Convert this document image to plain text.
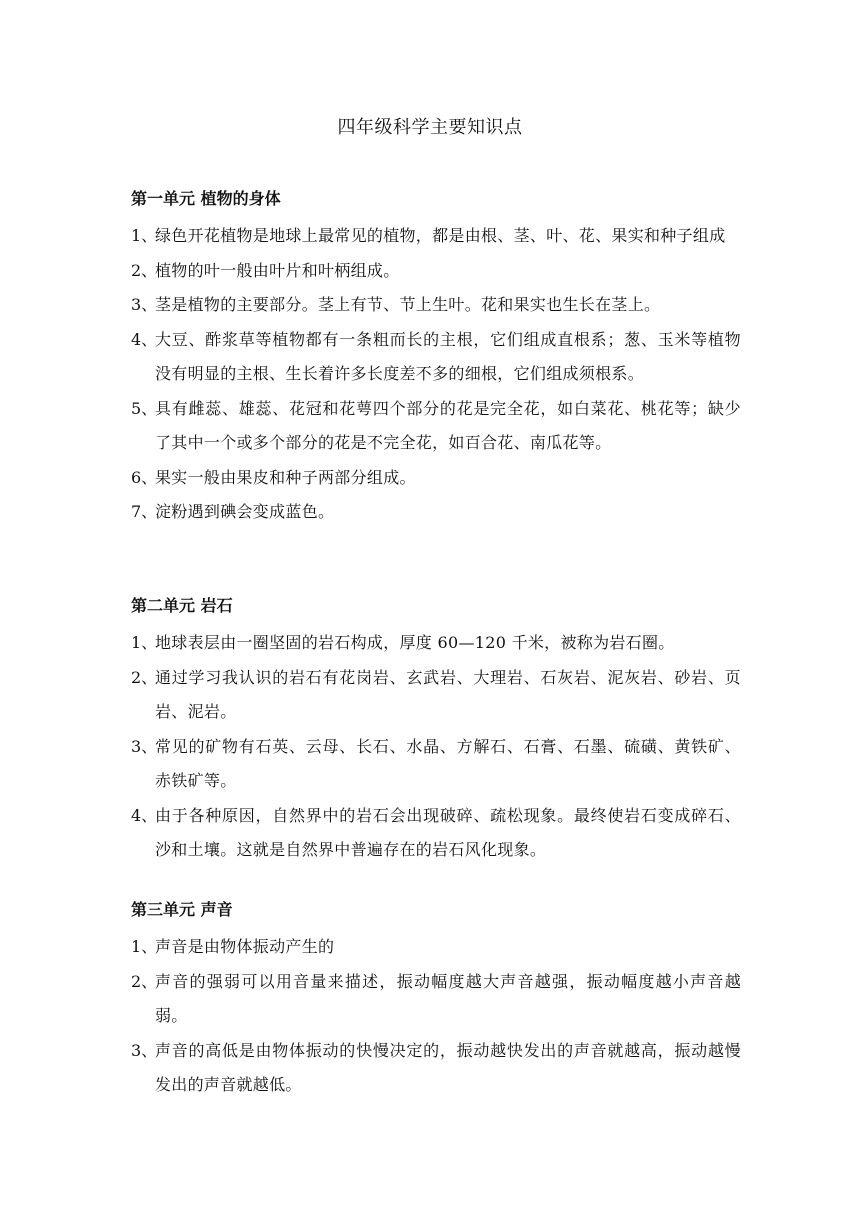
四年级科学主要知识点
第一单元 植物的身体
1、
绿色开花植物是地球上最常见的植物，都是由根、茎、叶、花、果实和种子组成
2、
植物的叶一般由叶片和叶柄组成。
3、
茎是植物的主要部分。茎上有节、节上生叶。花和果实也生长在茎上。
4、
大豆、酢浆草等植物都有一条粗而长的主根，它们组成直根系；葱、玉米等植物没有明显的主根、生长着许多长度差不多的细根，它们组成须根系。
5、
具有雌蕊、雄蕊、花冠和花萼四个部分的花是完全花，如白菜花、桃花等；缺少了其中一个或多个部分的花是不完全花，如百合花、南瓜花等。
6、
果实一般由果皮和种子两部分组成。
7、
淀粉遇到碘会变成蓝色。
第二单元 岩石
1、
地球表层由一圈坚固的岩石构成，厚度 60—120 千米，被称为岩石圈。
2、
通过学习我认识的岩石有花岗岩、玄武岩、大理岩、石灰岩、泥灰岩、砂岩、页岩、泥岩。
3、
常见的矿物有石英、云母、长石、水晶、方解石、石膏、石墨、硫磺、黄铁矿、赤铁矿等。
4、
由于各种原因，自然界中的岩石会出现破碎、疏松现象。最终使岩石变成碎石、沙和土壤。这就是自然界中普遍存在的岩石风化现象。
第三单元 声音
1、
声音是由物体振动产生的
2、
声音的强弱可以用音量来描述，振动幅度越大声音越强，振动幅度越小声音越弱。
3、
声音的高低是由物体振动的快慢决定的，振动越快发出的声音就越高，振动越慢发出的声音就越低。
